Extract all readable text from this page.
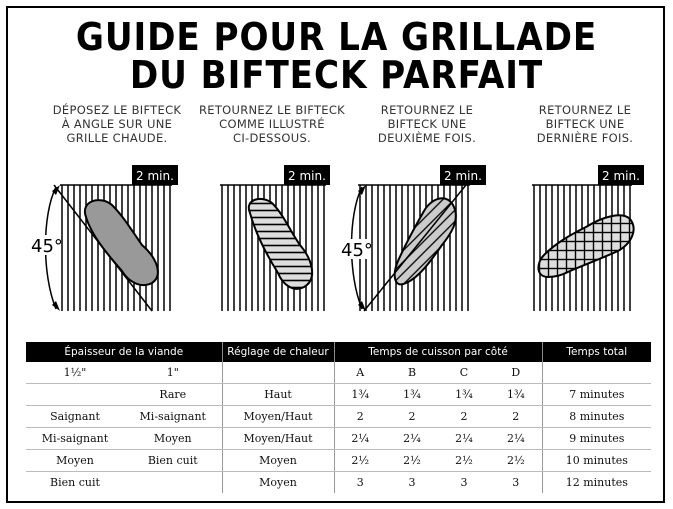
GUIDE POUR LA GRILLADE
DU BIFTECK PARFAIT
DÉPOSEZ LE BIFTECK
À ANGLE SUR UNE
GRILLE CHAUDE.
RETOURNEZ LE BIFTECK
COMME ILLUSTRÉ
CI-DESSOUS.
RETOURNEZ LE
BIFTECK UNE
DEUXIÈME FOIS.
RETOURNEZ LE
BIFTECK UNE
DERNIÈRE FOIS.
45°
2 min.	2 min.
45°
2 min.	2 min.
Épaisseur de la viande		Réglage de chaleur	Temps de cuisson par côté				Temps total
1½"	1"		A	B	C	D	
	Rare	Haut	1¾	1¾	1¾	1¾	7 minutes
Saignant	Mi-saignant	Moyen/Haut	2	2	2	2	8 minutes
Mi-saignant	Moyen	Moyen/Haut	2¼	2¼	2¼	2¼	9 minutes
Moyen	Bien cuit	Moyen	2½	2½	2½	2½	10 minutes
Bien cuit		Moyen	3	3	3	3	12 minutes
